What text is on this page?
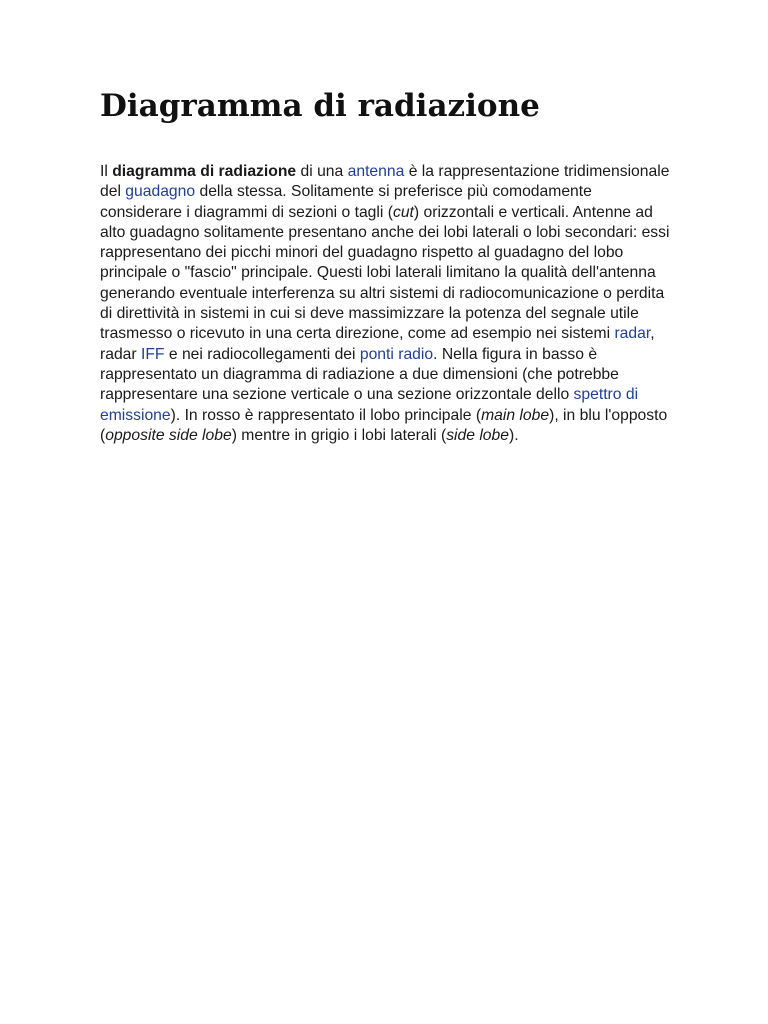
Diagramma di radiazione

Il diagramma di radiazione di una antenna è la rappresentazione tridimensionale del guadagno della stessa. Solitamente si preferisce più comodamente considerare i diagrammi di sezioni o tagli (cut) orizzontali e verticali. Antenne ad alto guadagno solitamente presentano anche dei lobi laterali o lobi secondari: essi rappresentano dei picchi minori del guadagno rispetto al guadagno del lobo principale o "fascio" principale. Questi lobi laterali limitano la qualità dell'antenna generando eventuale interferenza su altri sistemi di radiocomunicazione o perdita di direttività in sistemi in cui si deve massimizzare la potenza del segnale utile trasmesso o ricevuto in una certa direzione, come ad esempio nei sistemi radar, radar IFF e nei radiocollegamenti dei ponti radio. Nella figura in basso è rappresentato un diagramma di radiazione a due dimensioni (che potrebbe rappresentare una sezione verticale o una sezione orizzontale dello spettro di emissione). In rosso è rappresentato il lobo principale (main lobe), in blu l'opposto (opposite side lobe) mentre in grigio i lobi laterali (side lobe).
